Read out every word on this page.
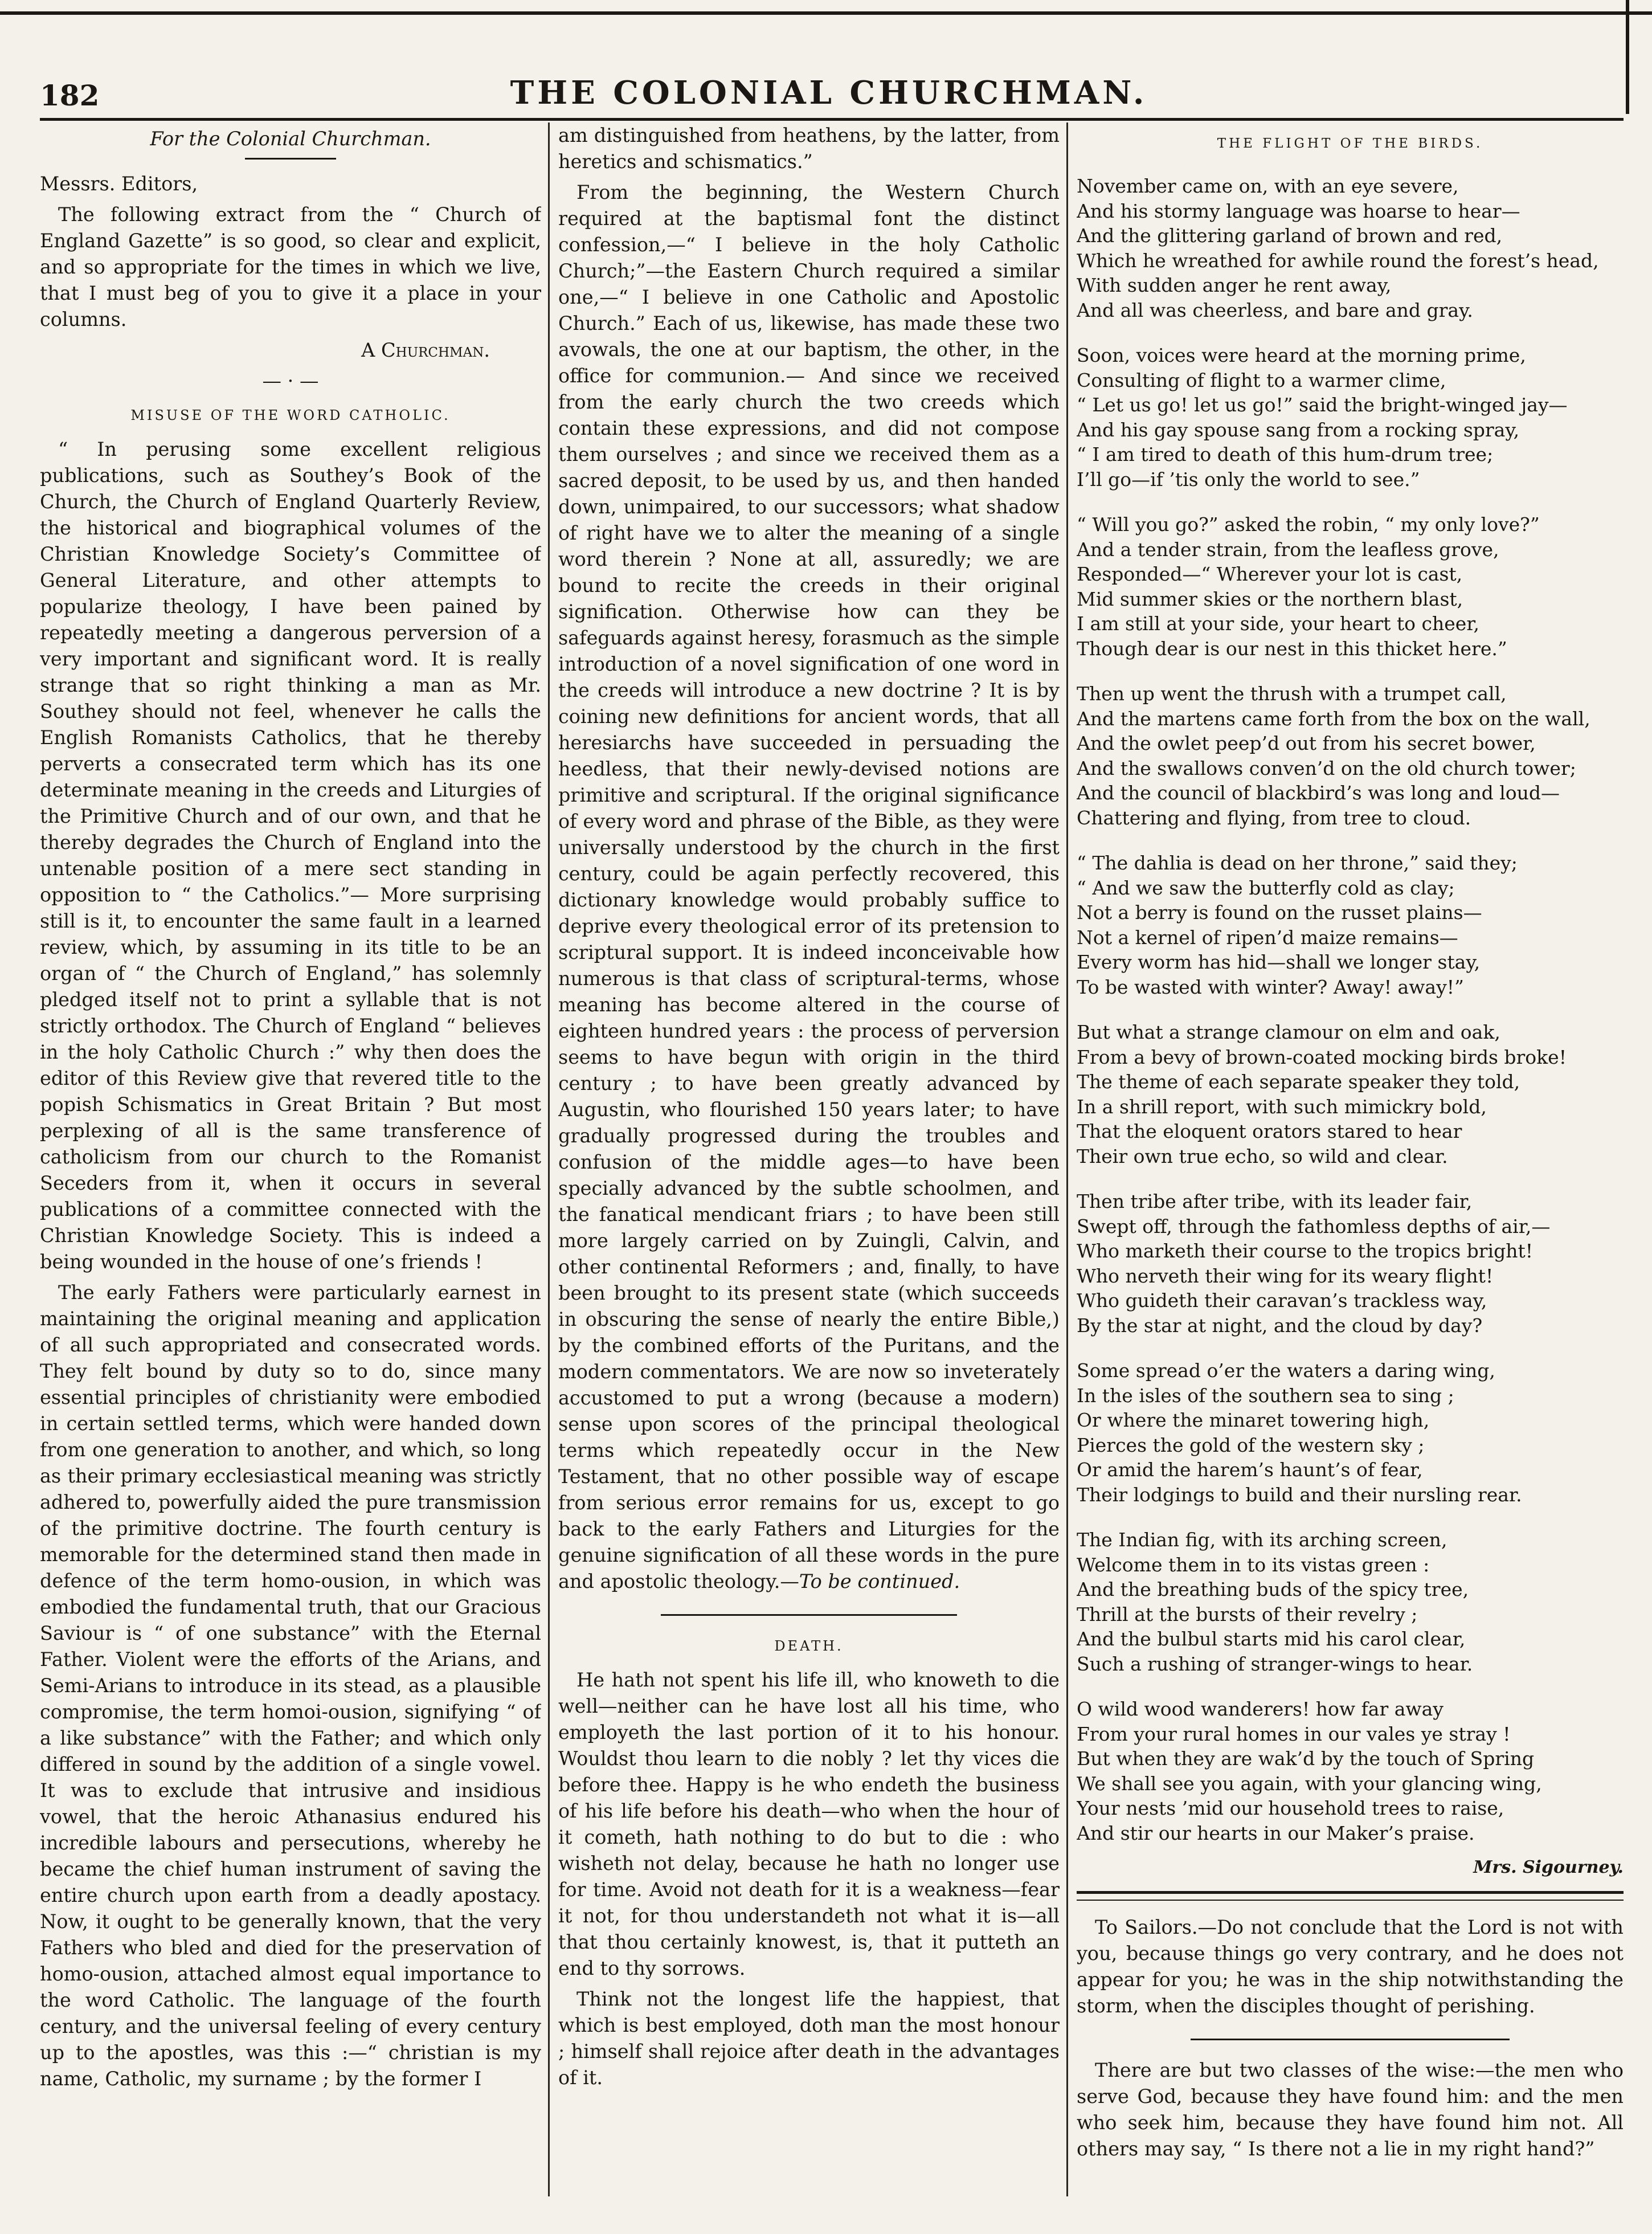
182	THE COLONIAL CHURCHMAN.

For the Colonial Churchman.

Messrs. Editors,

The following extract from the “ Church of England Gazette” is so good, so clear and explicit, and so appropriate for the times in which we live, that I must beg of you to give it a place in your columns.

A Churchman.

— · —

MISUSE OF THE WORD CATHOLIC.

“ In perusing some excellent religious publications, such as Southey’s Book of the Church, the Church of England Quarterly Review, the historical and biographical volumes of the Christian Knowledge Society’s Committee of General Literature, and other attempts to popularize theology, I have been pained by repeatedly meeting a dangerous perversion of a very important and significant word. It is really strange that so right thinking a man as Mr. Southey should not feel, whenever he calls the English Romanists Catholics, that he thereby perverts a consecrated term which has its one determinate meaning in the creeds and Liturgies of the Primitive Church and of our own, and that he thereby degrades the Church of England into the untenable position of a mere sect standing in opposition to “ the Catholics.”— More surprising still is it, to encounter the same fault in a learned review, which, by assuming in its title to be an organ of “ the Church of England,” has solemnly pledged itself not to print a syllable that is not strictly orthodox. The Church of England “ believes in the holy Catholic Church :” why then does the editor of this Review give that revered title to the popish Schismatics in Great Britain ? But most perplexing of all is the same transference of catholicism from our church to the Romanist Seceders from it, when it occurs in several publications of a committee connected with the Christian Knowledge Society. This is indeed a being wounded in the house of one’s friends !

The early Fathers were particularly earnest in maintaining the original meaning and application of all such appropriated and consecrated words. They felt bound by duty so to do, since many essential principles of christianity were embodied in certain settled terms, which were handed down from one generation to another, and which, so long as their primary ecclesiastical meaning was strictly adhered to, powerfully aided the pure transmission of the primitive doctrine. The fourth century is memorable for the determined stand then made in defence of the term homo-ousion, in which was embodied the fundamental truth, that our Gracious Saviour is “ of one substance” with the Eternal Father. Violent were the efforts of the Arians, and Semi-Arians to introduce in its stead, as a plausible compromise, the term homoi-ousion, signifying “ of a like substance” with the Father; and which only differed in sound by the addition of a single vowel. It was to exclude that intrusive and insidious vowel, that the heroic Athanasius endured his incredible labours and persecutions, whereby he became the chief human instrument of saving the entire church upon earth from a deadly apostacy. Now, it ought to be generally known, that the very Fathers who bled and died for the preservation of homo-ousion, attached almost equal importance to the word Catholic. The language of the fourth century, and the universal feeling of every century up to the apostles, was this :—“ christian is my name, Catholic, my surname ; by the former I

am distinguished from heathens, by the latter, from heretics and schismatics.”

From the beginning, the Western Church required at the baptismal font the distinct confession,—“ I believe in the holy Catholic Church;”—the Eastern Church required a similar one,—“ I believe in one Catholic and Apostolic Church.” Each of us, likewise, has made these two avowals, the one at our baptism, the other, in the office for communion.— And since we received from the early church the two creeds which contain these expressions, and did not compose them ourselves ; and since we received them as a sacred deposit, to be used by us, and then handed down, unimpaired, to our successors; what shadow of right have we to alter the meaning of a single word therein ? None at all, assuredly; we are bound to recite the creeds in their original signification. Otherwise how can they be safeguards against heresy, forasmuch as the simple introduction of a novel signification of one word in the creeds will introduce a new doctrine ? It is by coining new definitions for ancient words, that all heresiarchs have succeeded in persuading the heedless, that their newly-devised notions are primitive and scriptural. If the original significance of every word and phrase of the Bible, as they were universally understood by the church in the first century, could be again perfectly recovered, this dictionary knowledge would probably suffice to deprive every theological error of its pretension to scriptural support. It is indeed inconceivable how numerous is that class of scriptural-terms, whose meaning has become altered in the course of eighteen hundred years : the process of perversion seems to have begun with origin in the third century ; to have been greatly advanced by Augustin, who flourished 150 years later; to have gradually progressed during the troubles and confusion of the middle ages—to have been specially advanced by the subtle schoolmen, and the fanatical mendicant friars ; to have been still more largely carried on by Zuingli, Calvin, and other continental Reformers ; and, finally, to have been brought to its present state (which succeeds in obscuring the sense of nearly the entire Bible,) by the combined efforts of the Puritans, and the modern commentators. We are now so inveterately accustomed to put a wrong (because a modern) sense upon scores of the principal theological terms which repeatedly occur in the New Testament, that no other possible way of escape from serious error remains for us, except to go back to the early Fathers and Liturgies for the genuine signification of all these words in the pure and apostolic theology.—To be continued.

DEATH.

He hath not spent his life ill, who knoweth to die well—neither can he have lost all his time, who employeth the last portion of it to his honour. Wouldst thou learn to die nobly ? let thy vices die before thee. Happy is he who endeth the business of his life before his death—who when the hour of it cometh, hath nothing to do but to die : who wisheth not delay, because he hath no longer use for time. Avoid not death for it is a weakness—fear it not, for thou understandeth not what it is—all that thou certainly knowest, is, that it putteth an end to thy sorrows.

Think not the longest life the happiest, that which is best employed, doth man the most honour ; himself shall rejoice after death in the advantages of it.

THE FLIGHT OF THE BIRDS.
November came on, with an eye severe,
And his stormy language was hoarse to hear—
And the glittering garland of brown and red,
Which he wreathed for awhile round the forest’s head,
With sudden anger he rent away,
And all was cheerless, and bare and gray.
Soon, voices were heard at the morning prime,
Consulting of flight to a warmer clime,
“ Let us go! let us go!” said the bright-winged jay—
And his gay spouse sang from a rocking spray,
“ I am tired to death of this hum-drum tree;
I’ll go—if ’tis only the world to see.”
“ Will you go?” asked the robin, “ my only love?”
And a tender strain, from the leafless grove,
Responded—“ Wherever your lot is cast,
Mid summer skies or the northern blast,
I am still at your side, your heart to cheer,
Though dear is our nest in this thicket here.”
Then up went the thrush with a trumpet call,
And the martens came forth from the box on the wall,
And the owlet peep’d out from his secret bower,
And the swallows conven’d on the old church tower;
And the council of blackbird’s was long and loud—
Chattering and flying, from tree to cloud.
“ The dahlia is dead on her throne,” said they;
“ And we saw the butterfly cold as clay;
Not a berry is found on the russet plains—
Not a kernel of ripen’d maize remains—
Every worm has hid—shall we longer stay,
To be wasted with winter? Away! away!”
But what a strange clamour on elm and oak,
From a bevy of brown-coated mocking birds broke!
The theme of each separate speaker they told,
In a shrill report, with such mimickry bold,
That the eloquent orators stared to hear
Their own true echo, so wild and clear.
Then tribe after tribe, with its leader fair,
Swept off, through the fathomless depths of air,—
Who marketh their course to the tropics bright!
Who nerveth their wing for its weary flight!
Who guideth their caravan’s trackless way,
By the star at night, and the cloud by day?
Some spread o’er the waters a daring wing,
In the isles of the southern sea to sing ;
Or where the minaret towering high,
Pierces the gold of the western sky ;
Or amid the harem’s haunt’s of fear,
Their lodgings to build and their nursling rear.
The Indian fig, with its arching screen,
Welcome them in to its vistas green :
And the breathing buds of the spicy tree,
Thrill at the bursts of their revelry ;
And the bulbul starts mid his carol clear,
Such a rushing of stranger-wings to hear.
O wild wood wanderers! how far away
From your rural homes in our vales ye stray !
But when they are wak’d by the touch of Spring
We shall see you again, with your glancing wing,
Your nests ’mid our household trees to raise,
And stir our hearts in our Maker’s praise.

Mrs. Sigourney.

To Sailors.—Do not conclude that the Lord is not with you, because things go very contrary, and he does not appear for you; he was in the ship notwithstanding the storm, when the disciples thought of perishing.

There are but two classes of the wise:—the men who serve God, because they have found him: and the men who seek him, because they have found him not. All others may say, “ Is there not a lie in my right hand?”
